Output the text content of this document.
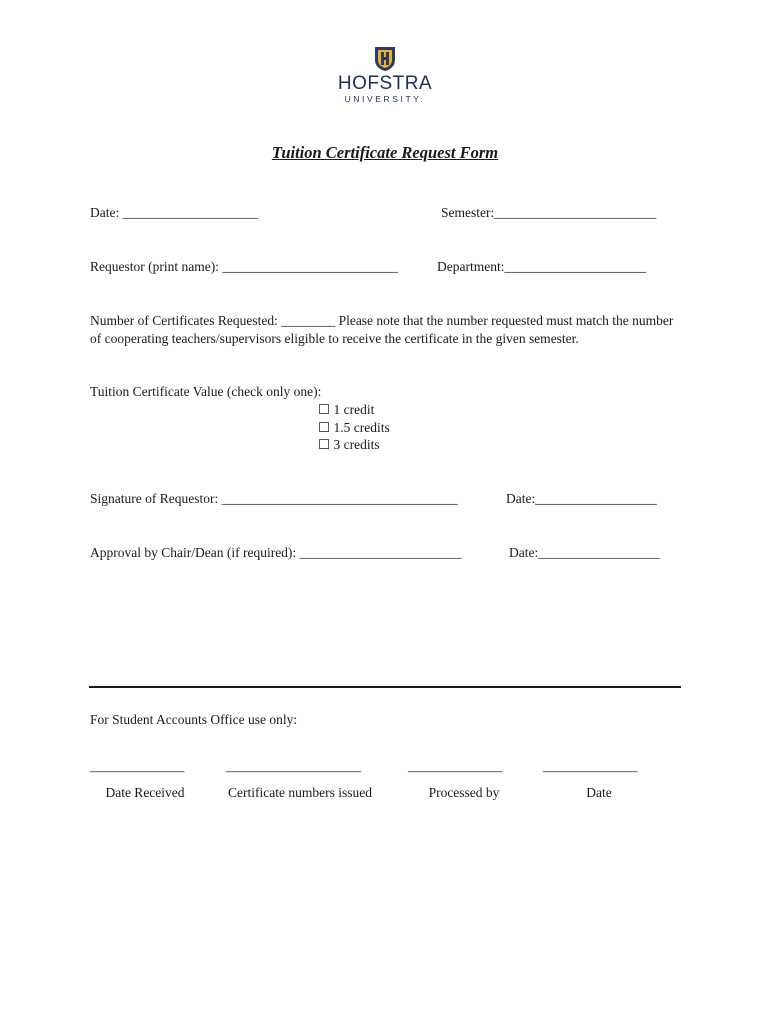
HOFSTRA
UNIVERSITY.
Tuition Certificate Request Form
Date: ____________________	Semester:________________________
Requestor (print name): __________________________	Department:_____________________
Number of Certificates Requested: ________ Please note that the number requested must match the number of cooperating teachers/supervisors eligible to receive the certificate in the given semester.
Tuition Certificate Value (check only one):
☐ 1 credit
☐ 1.5 credits
☐ 3 credits
Signature of Requestor: ___________________________________	Date:__________________
Approval by Chair/Dean (if required): ________________________	Date:__________________
For Student Accounts Office use only:
———————	——————————	———————	———————
Date Received	Certificate numbers issued	Processed by	Date
